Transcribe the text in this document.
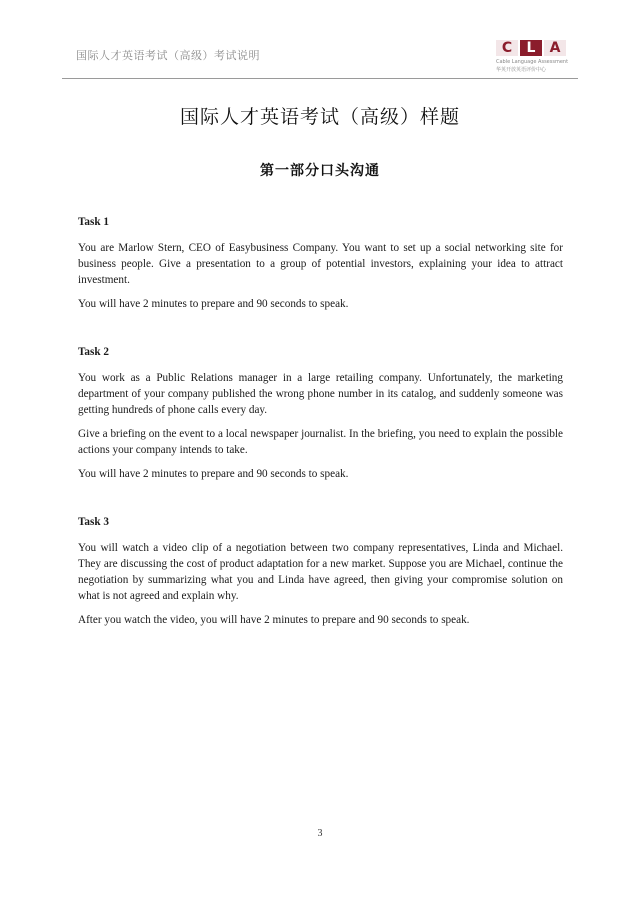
国际人才英语考试（高级）考试说明	C	L	A
Cable Language Assessment
华英开放英语评价中心
国际人才英语考试（高级）样题
第一部分口头沟通

Task 1

You are Marlow Stern, CEO of Easybusiness Company. You want to set up a social networking site for business people. Give a presentation to a group of potential investors, explaining your idea to attract investment.

You will have 2 minutes to prepare and 90 seconds to speak.

Task 2

You work as a Public Relations manager in a large retailing company. Unfortunately, the marketing department of your company published the wrong phone number in its catalog, and suddenly someone was getting hundreds of phone calls every day.

Give a briefing on the event to a local newspaper journalist. In the briefing, you need to explain the possible actions your company intends to take.

You will have 2 minutes to prepare and 90 seconds to speak.

Task 3

You will watch a video clip of a negotiation between two company representatives, Linda and Michael. They are discussing the cost of product adaptation for a new market. Suppose you are Michael, continue the negotiation by summarizing what you and Linda have agreed, then giving your compromise solution on what is not agreed and explain why.

After you watch the video, you will have 2 minutes to prepare and 90 seconds to speak.

3
